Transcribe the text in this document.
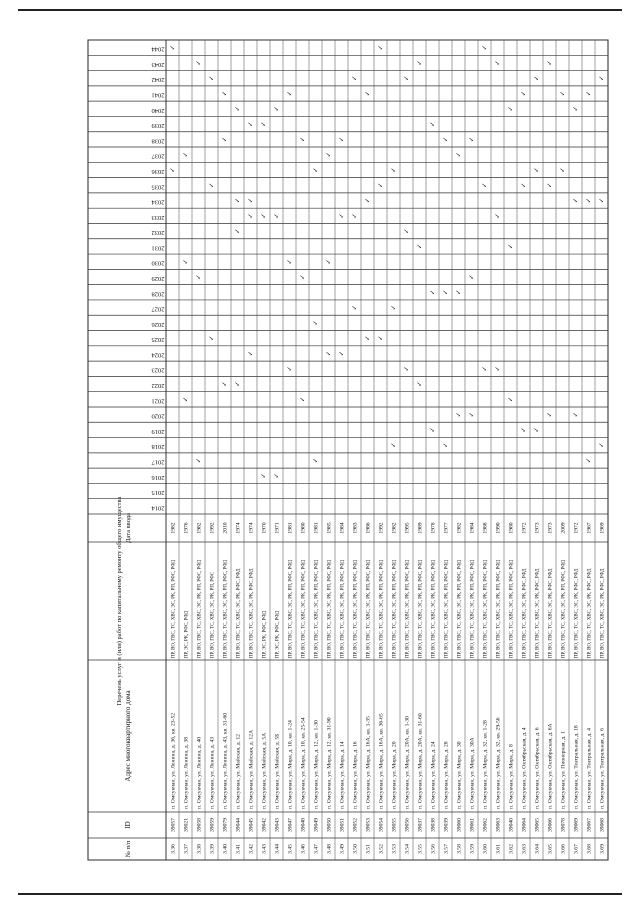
№ п/п
ID
Адрес многоквартирного дома
Перечень услуг и (или) работ по капитальному ремонту общего имущества Дата ввода
2014
2015
2016
2017
2018
2019
2020
2021
2022
2023
2024
2025
2026
2027
2028
2029
2030
2031
2032
2033
2034
2035
2036
2037
2038
2039
2040
2041
2042
2043
2044
3.36
39057
п. Омсукчан, ул. Ленина, д. 36, кв. 23-52
ПР, ВО, ГВС, ТС, ХВС, ЭС, РК, РП, РФС, РФД
1982
✓
✓
3.37
39021
п. Омсукчан, ул. Ленина, д. 38
ПР, ЭС, РК, РФС, РФД
1976
✓
✓
✓
3.38
39058
п. Омсукчан, ул. Ленина, д. 40
ПР, ВО, ГВС, ТС, ХВС, ЭС, РК, РП, РФС, РФД
1982
✓
✓
✓
3.39
39059
п. Омсукчан, ул. Ленина, д. 43
ПР, ВО, ГВС, ТС, ХВС, ЭС, РК, РП, РФС
1992
✓
✓
✓
3.40
39079
п. Омсукчан, ул. Ленина, д. 43, кв. 31-60
ПР, ВО, ГВС, ТС, ХВС, ЭС, РК, РП, РФС, РФД
2010
✓
✓
✓
3.41
39044
п. Омсукчан, ул. Майская, д. 12
ПР, ВО, ГВС, ТС, ХВС, ЭС, РК, РФС, РФД
1974
✓
✓
✓
✓
3.42
39045
п. Омсукчан, ул. Майская, д. 12А
ПР, ВО, ГВС, ТС, ХВС, ЭС, РК, РФС, РФД
1974
✓
✓
✓
✓
3.43
39042
п. Омсукчан, ул. Майская, д. 5А
ПР, ЭС, РК, РФС, РФД
1970
✓
✓
✓
3.44
39043
п. Омсукчан, ул. Майская, д. 5Б
ПР, ЭС, РК, РФС, РФД
1971
✓
✓
✓
3.45
39047
п. Омсукчан, ул. Мира, д. 10, кв. 1-24
ПР, ВО, ГВС, ТС, ХВС, ЭС, РК, РП, РФС, РФД
1981
✓
✓
✓
3.46
39048
п. Омсукчан, ул. Мира, д. 10, кв. 25-54
ПР, ВО, ГВС, ТС, ХВС, ЭС, РК, РП, РФС, РФД
1980
✓
✓
✓
3.47
39049
п. Омсукчан, ул. Мира, д. 12, кв. 1-30
ПР, ВО, ГВС, ТС, ХВС, ЭС, РК, РП, РФС, РФД
1981
✓
✓
✓
3.48
39050
п. Омсукчан, ул. Мира, д. 12, кв. 31-90
ПР, ВО, ГВС, ТС, ХВС, ЭС, РК, РП, РФС, РФД
1985
✓
✓
✓
3.49
39051
п. Омсукчан, ул. Мира, д. 14
ПР, ВО, ГВС, ТС, ХВС, ЭС, РК, РП, РФС, РФД
1984
✓
✓
✓
3.50
39052
п. Омсукчан, ул. Мира, д. 16
ПР, ВО, ГВС, ТС, ХВС, ЭС, РК, РП, РФС, РФД
1983
✓
✓
✓
3.51
39053
п. Омсукчан, ул. Мира, д. 16А, кв. 1-35
ПР, ВО, ГВС, ТС, ХВС, ЭС, РК, РП, РФС, РФД
1986
✓
✓
✓
3.52
39054
п. Омсукчан, ул. Мира, д. 16А, кв. 36-65
ПР, ВО, ГВС, ТС, ХВС, ЭС, РК, РП, РФС, РФД
1992
✓
✓
✓
3.53
39055
п. Омсукчан, ул. Мира, д. 20
ПР, ВО, ГВС, ТС, ХВС, ЭС, РК, РП, РФС, РФД
1982
✓
✓
✓
3.54
39056
п. Омсукчан, ул. Мира, д. 20А, кв. 1-30
ПР, ВО, ГВС, ТС, ХВС, ЭС, РК, РП, РФС, РФД
1995
✓
✓
✓
3.55
39037
п. Омсукчан, ул. Мира, д. 20А, кв. 31-60
ПР, ВО, ГВС, ТС, ХВС, ЭС, РК, РП, РФС, РФД
1989
✓
✓
✓
3.56
39038
п. Омсукчан, ул. Мира, д. 24
ПР, ВО, ГВС, ТС, ХВС, ЭС, РК, РП, РФС, РФД
1978
✓
✓
✓
3.57
39039
п. Омсукчан, ул. Мира, д. 28
ПР, ВО, ГВС, ТС, ХВС, ЭС, РК, РП, РФС, РФД
1977
✓
✓
✓
3.58
39060
п. Омсукчан, ул. Мира, д. 30
ПР, ВО, ГВС, ТС, ХВС, ЭС, РК, РП, РФС, РФД
1982
✓
✓
✓
3.59
39061
п. Омсукчан, ул. Мира, д. 30А
ПР, ВО, ГВС, ТС, ХВС, ЭС, РК, РП, РФС, РФД
1984
✓
✓
✓
3.60
39062
п. Омсукчан, ул. Мира, д. 32, кв. 1-28
ПР, ВО, ГВС, ТС, ХВС, ЭС, РК, РП, РФС, РФД
1988
✓
✓
✓
3.61
39063
п. Омсукчан, ул. Мира, д. 32, кв. 29-56
ПР, ВО, ГВС, ТС, ХВС, ЭС, РК, РП, РФС, РФД
1990
✓
✓
✓
3.62
39040
п. Омсукчан, ул. Мира, д. 8
ПР, ВО, ГВС, ТС, ХВС, ЭС, РК, РП, РФС, РФД
1980
✓
✓
✓
3.63
39064
п. Омсукчан, ул. Октябрьская, д. 4
ПР, ВО, ГВС, ТС, ХВС, ЭС, РК, РФС, РФД
1972
✓
✓
✓
3.64
39065
п. Омсукчан, ул. Октябрьская, д. 6
ПР, ВО, ГВС, ТС, ХВС, ЭС, РК, РФС, РФД
1973
✓
✓
✓
3.65
39066
п. Омсукчан, ул. Октябрьская, д. 6А
ПР, ВО, ГВС, ТС, ХВС, ЭС, РК, РФС, РФД
1973
✓
✓
✓
3.66
39078
п. Омсукчан, ул. Пионерная, д. 1
ПР, ВО, ГВС, ТС, ХВС, ЭС, РК, РП, РФС, РФД
2009
✓
✓
3.67
39069
п. Омсукчан, ул. Театральная, д. 18
ПР, ВО, ГВС, ТС, ХВС, ЭС, РК, РФС, РФД
1972
✓
✓
✓
3.68
39067
п. Омсукчан, ул. Театральная, д. 4
ПР, ВО, ГВС, ТС, ХВС, ЭС, РК, РФС, РФД
1967
✓
✓
✓
3.69
39068
п. Омсукчан, ул. Театральная, д. 6
ПР, ВО, ГВС, ТС, ХВС, ЭС, РК, РФС, РФД
1969
✓
✓
✓
